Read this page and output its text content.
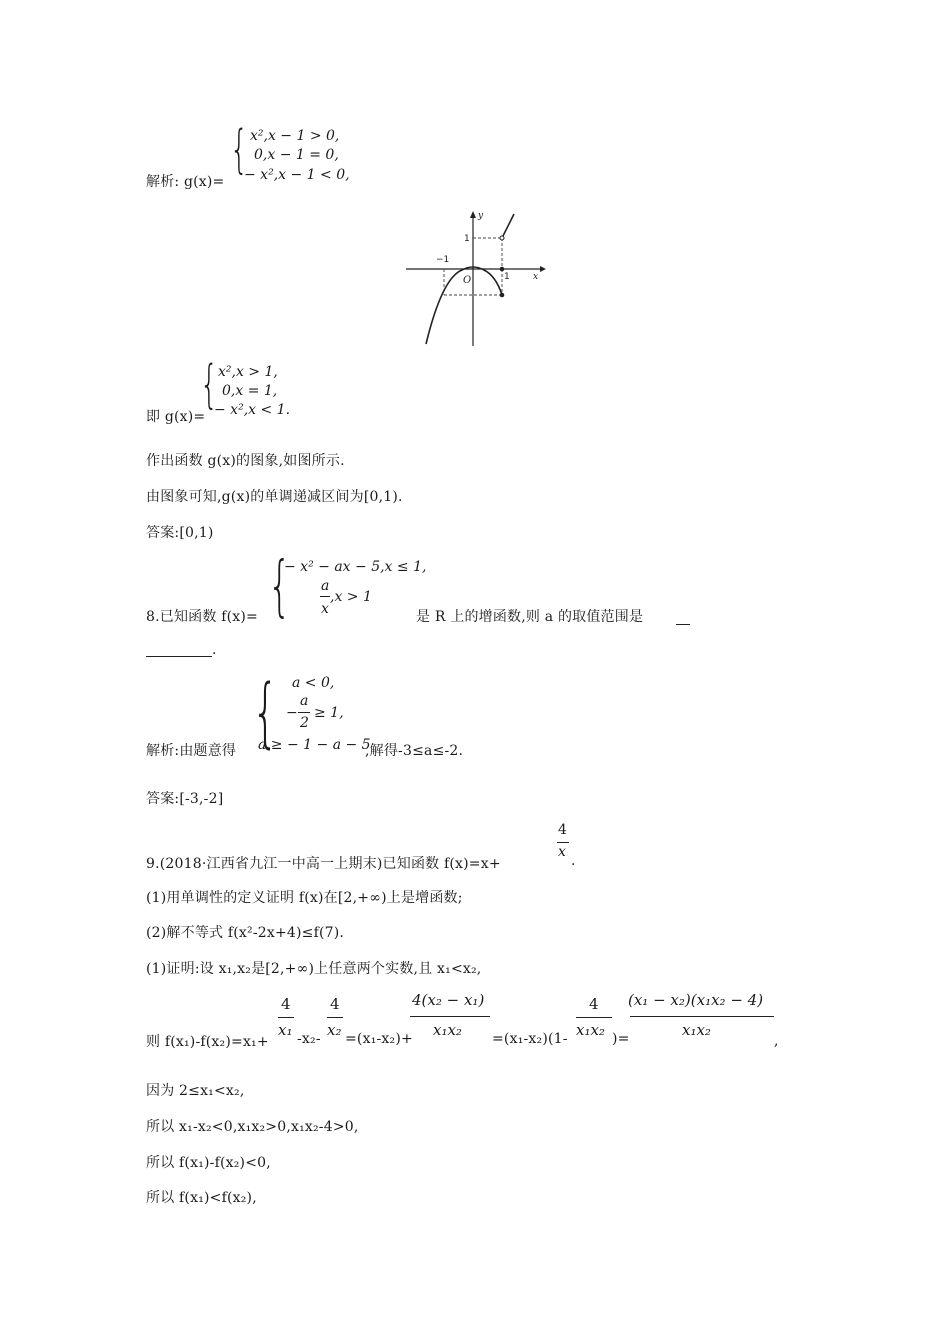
{ x²,x − 1 > 0,
0,x − 1 = 0,
− x²,x − 1 < 0,
解析: g(x)=
y
x
O
1
−1
1
{ x²,x > 1,
0,x = 1,
− x²,x < 1.
即 g(x)=
作出函数 g(x)的图象,如图所示.
由图象可知,g(x)的单调递减区间为[0,1).
答案:[0,1)
{
− x² − ax − 5,x ≤ 1,
a
,x > 1
x
8.已知函数 f(x)=	是 R 上的增函数,则 a 的取值范围是
.
{ a < 0,
−
a
2
≥ 1,
a ≥ − 1 − a − 5
解析:由题意得	,解得-3≤a≤-2.
答案:[-3,-2]
4
x
9.(2018·江西省九江一中高一上期末)已知函数 f(x)=x+	.
(1)用单调性的定义证明 f(x)在[2,+∞)上是增函数;
(2)解不等式 f(x²-2x+4)≤f(7).
(1)证明:设 x₁,x₂是[2,+∞)上任意两个实数,且 x₁<x₂,
则 f(x₁)-f(x₂)=x₁+
4
x₁ -x₂-
4
x₂ =(x₁-x₂)+
4(x₂ − x₁)
x₁x₂ =(x₁-x₂)(1-
4
x₁x₂ )=
(x₁ − x₂)(x₁x₂ − 4)
x₁x₂
,
因为 2≤x₁<x₂,
所以 x₁-x₂<0,x₁x₂>0,x₁x₂-4>0,
所以 f(x₁)-f(x₂)<0,
所以 f(x₁)<f(x₂),
